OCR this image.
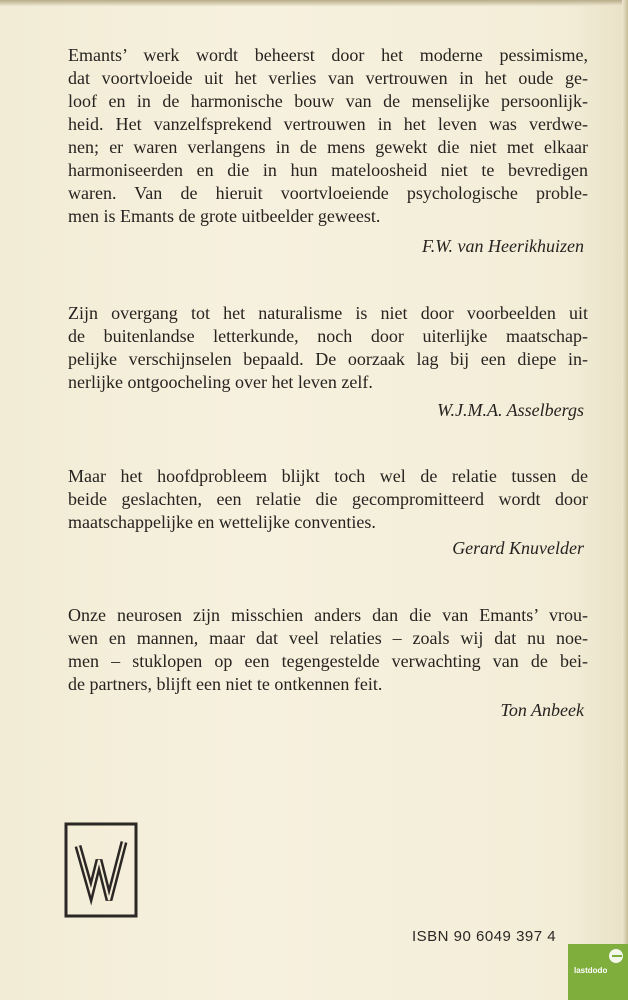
Emants’ werk wordt beheerst door het moderne pessimisme,
dat voortvloeide uit het verlies van vertrouwen in het oude ge-
loof en in de harmonische bouw van de menselijke persoonlijk-
heid. Het vanzelfsprekend vertrouwen in het leven was verdwe-
nen; er waren verlangens in de mens gewekt die niet met elkaar
harmoniseerden en die in hun mateloosheid niet te bevredigen
waren. Van de hieruit voortvloeiende psychologische proble-
men is Emants de grote uitbeelder geweest.

F.W. van Heerikhuizen

Zijn overgang tot het naturalisme is niet door voorbeelden uit
de buitenlandse letterkunde, noch door uiterlijke maatschap-
pelijke verschijnselen bepaald. De oorzaak lag bij een diepe in-
nerlijke ontgoocheling over het leven zelf.

W.J.M.A. Asselbergs

Maar het hoofdprobleem blijkt toch wel de relatie tussen de
beide geslachten, een relatie die gecompromitteerd wordt door
maatschappelijke en wettelijke conventies.

Gerard Knuvelder

Onze neurosen zijn misschien anders dan die van Emants’ vrou-
wen en mannen, maar dat veel relaties – zoals wij dat nu noe-
men – stuklopen op een tegengestelde verwachting van de bei-
de partners, blijft een niet te ontkennen feit.

Ton Anbeek

ISBN 90 6049 397 4
lastdodo
